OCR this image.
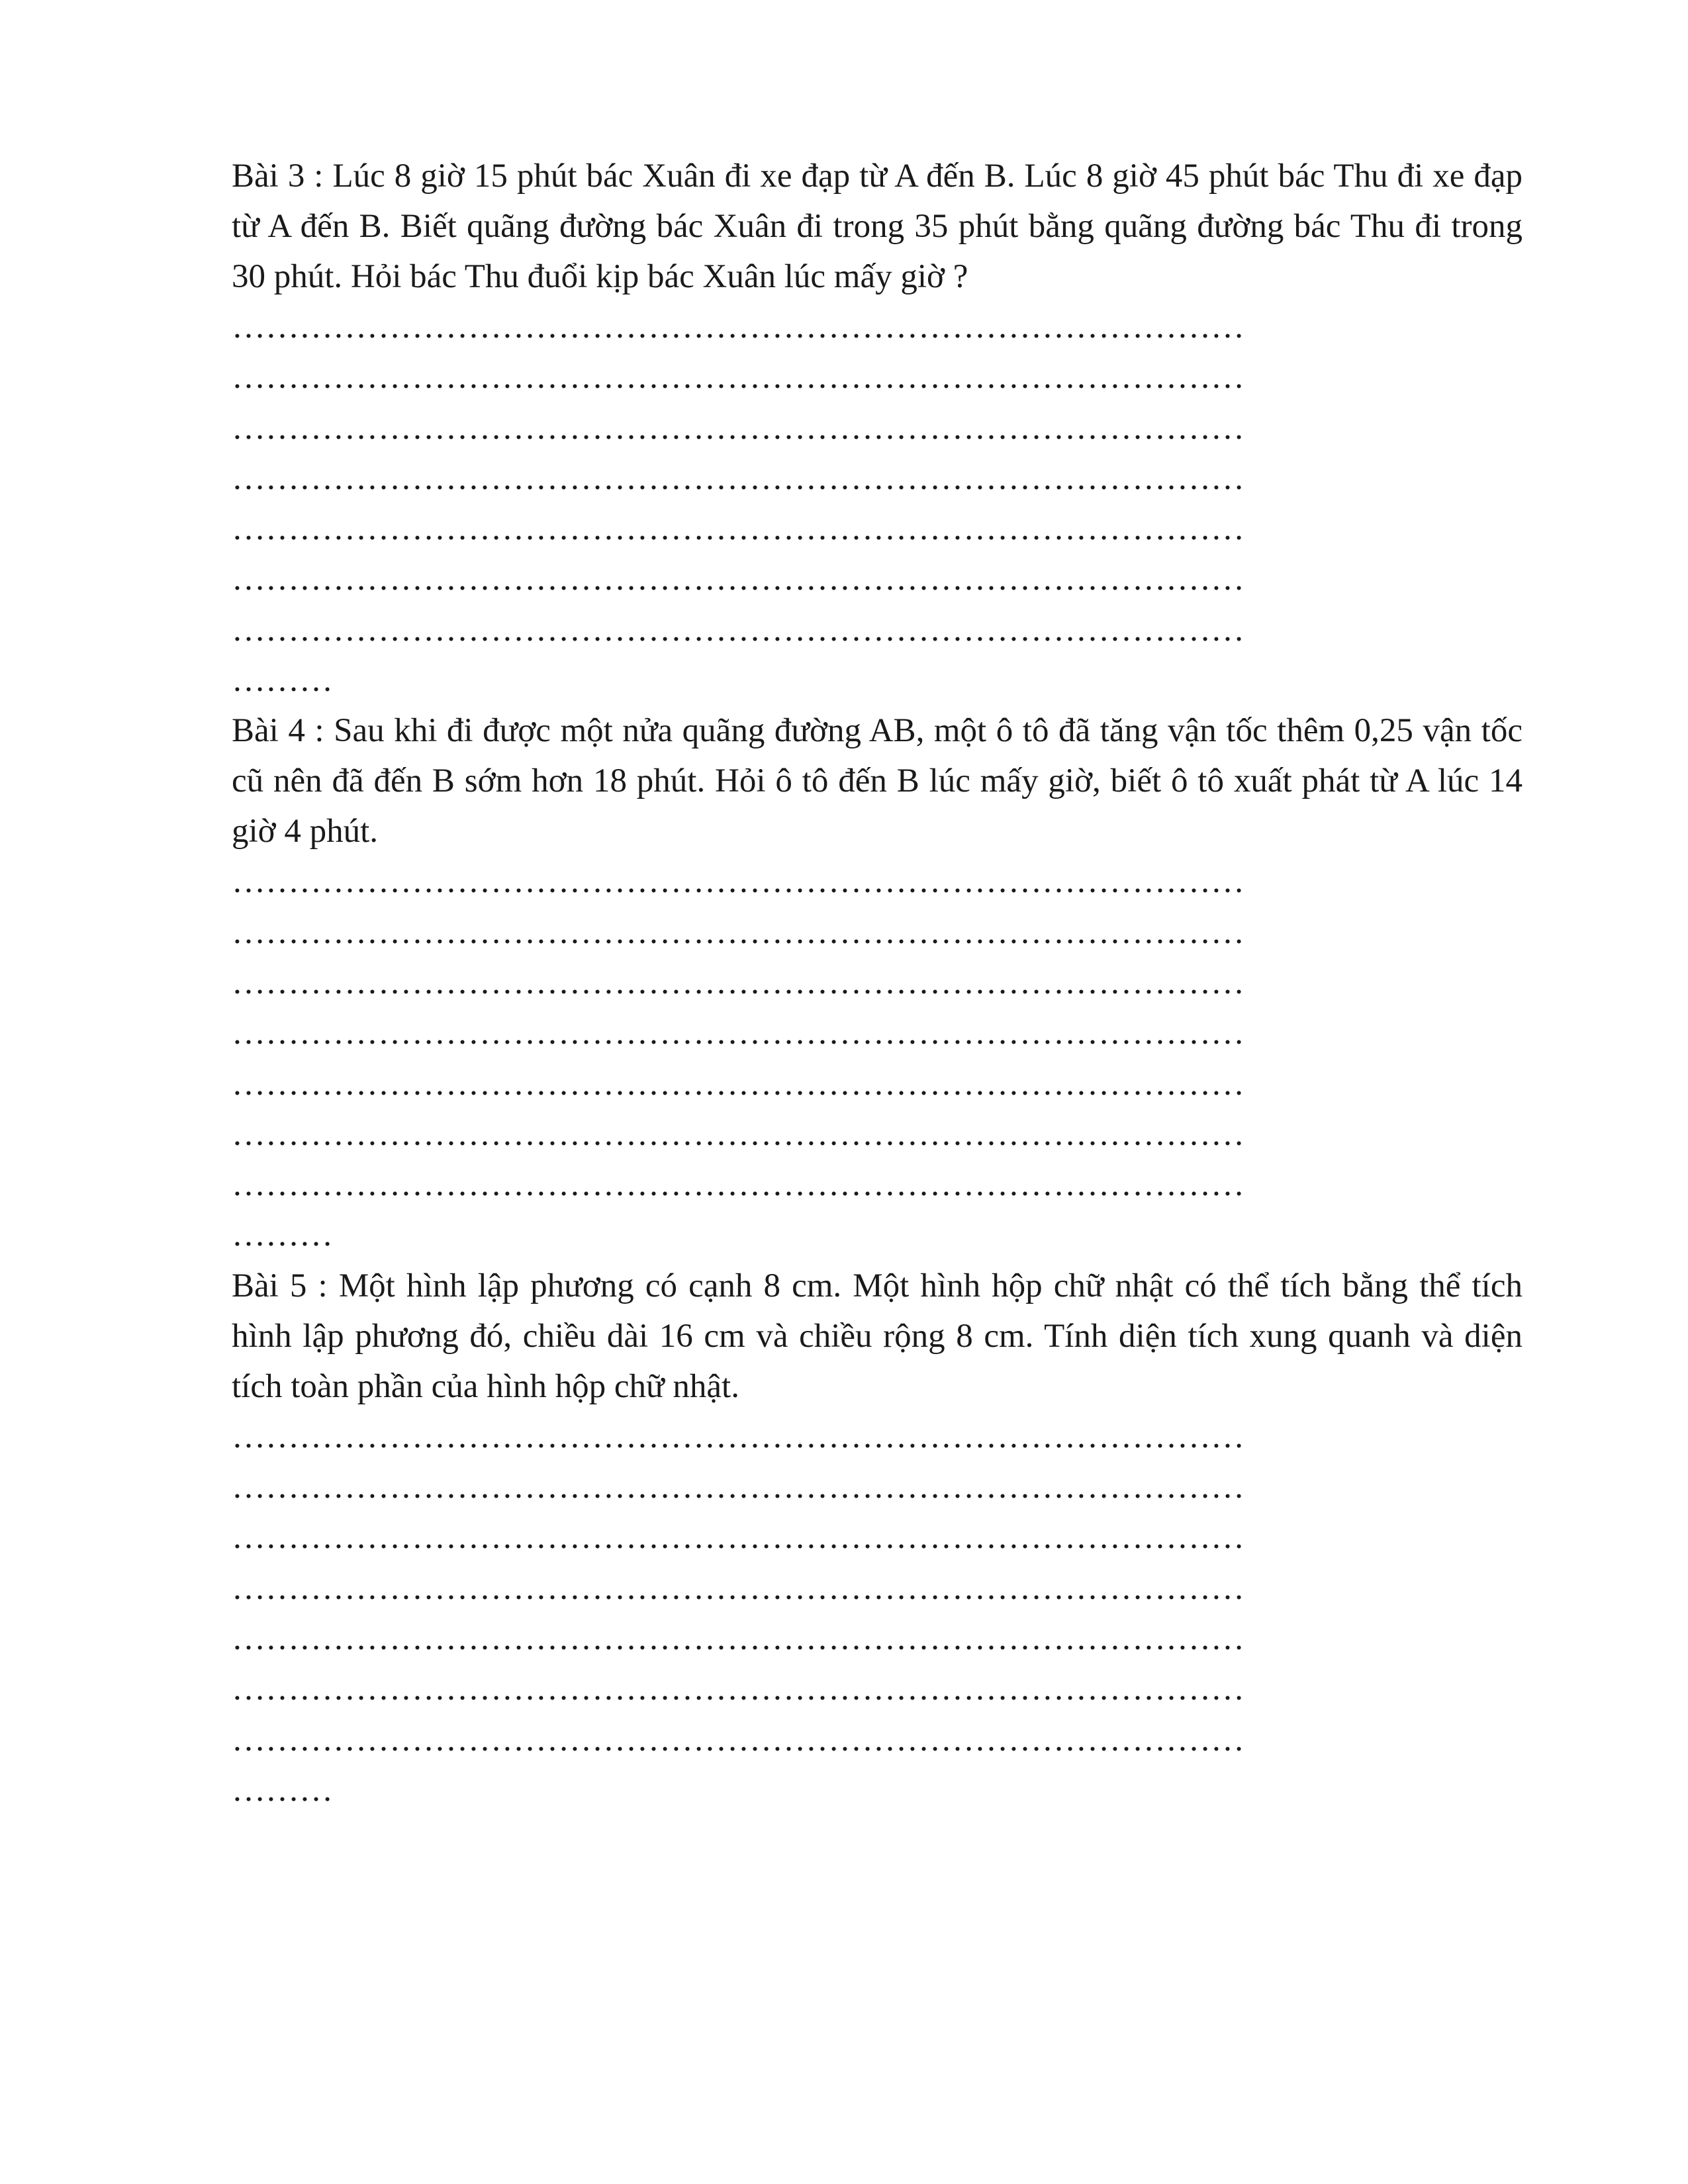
Bài 3 : Lúc 8 giờ 15 phút bác Xuân đi xe đạp từ A đến B. Lúc 8 giờ 45 phút bác Thu đi xe đạp từ A đến B. Biết quãng đường bác Xuân đi trong 35 phút bằng quãng đường bác Thu đi trong 30 phút. Hỏi bác Thu đuổi kịp bác Xuân lúc mấy giờ ?

………………………………………………………………………………
………………………………………………………………………………
………………………………………………………………………………
………………………………………………………………………………
………………………………………………………………………………
………………………………………………………………………………
………………………………………………………………………………
………

Bài 4 : Sau khi đi được một nửa quãng đường AB, một ô tô đã tăng vận tốc thêm 0,25 vận tốc cũ nên đã đến B sớm hơn 18 phút. Hỏi ô tô đến B lúc mấy giờ, biết ô tô xuất phát từ A lúc 14 giờ 4 phút.

………………………………………………………………………………
………………………………………………………………………………
………………………………………………………………………………
………………………………………………………………………………
………………………………………………………………………………
………………………………………………………………………………
………………………………………………………………………………
………

Bài 5 : Một hình lập phương có cạnh 8 cm. Một hình hộp chữ nhật có thể tích bằng thể tích hình lập phương đó, chiều dài 16 cm và chiều rộng 8 cm. Tính diện tích xung quanh và diện tích toàn phần của hình hộp chữ nhật.

………………………………………………………………………………
………………………………………………………………………………
………………………………………………………………………………
………………………………………………………………………………
………………………………………………………………………………
………………………………………………………………………………
………………………………………………………………………………
………
